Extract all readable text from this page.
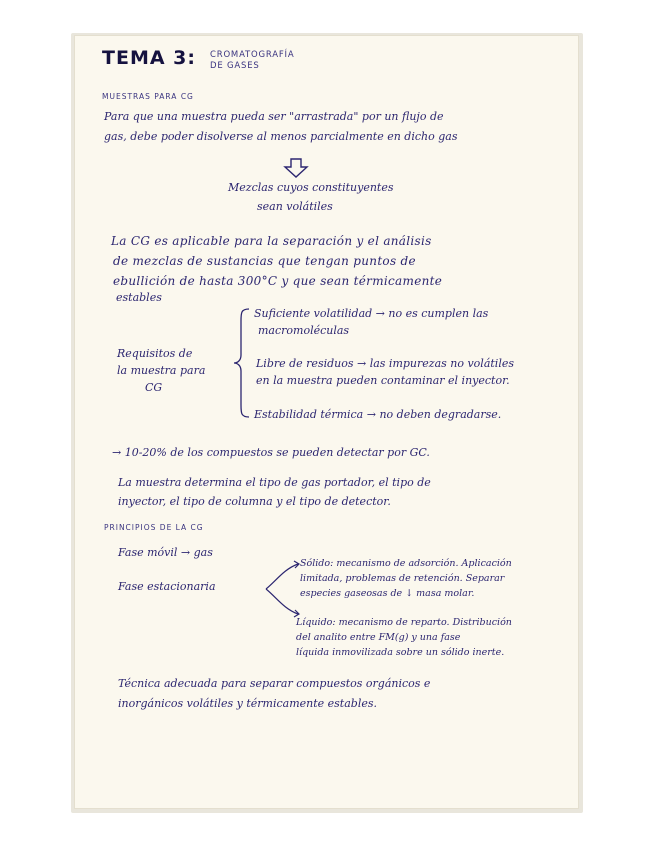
TEMA 3: CROMATOGRAFÍA
DE GASES
MUESTRAS PARA CG
Para que una muestra pueda ser "arrastrada" por un flujo de
gas, debe poder disolverse al menos parcialmente en dicho gas
Mezclas cuyos constituyentes
sean volátiles
La CG es aplicable para la separación y el análisis
de mezclas de sustancias que tengan puntos de
ebullición de hasta 300°C y que sean térmicamente
estables
Requisitos de
la muestra para
CG
Suficiente volatilidad → no es cumplen las
macromoléculas
Libre de residuos → las impurezas no volátiles
en la muestra pueden contaminar el inyector.
Estabilidad térmica → no deben degradarse.
→ 10-20% de los compuestos se pueden detectar por GC.
La muestra determina el tipo de gas portador, el tipo de
inyector, el tipo de columna y el tipo de detector.
PRINCIPIOS DE LA CG
Fase móvil → gas
Fase estacionaria
Sólido: mecanismo de adsorción. Aplicación
limitada, problemas de retención. Separar
especies gaseosas de ↓ masa molar.
Líquido: mecanismo de reparto. Distribución
del analito entre FM(g) y una fase
líquida inmovilizada sobre un sólido inerte.
Técnica adecuada para separar compuestos orgánicos e
inorgánicos volátiles y térmicamente estables.
